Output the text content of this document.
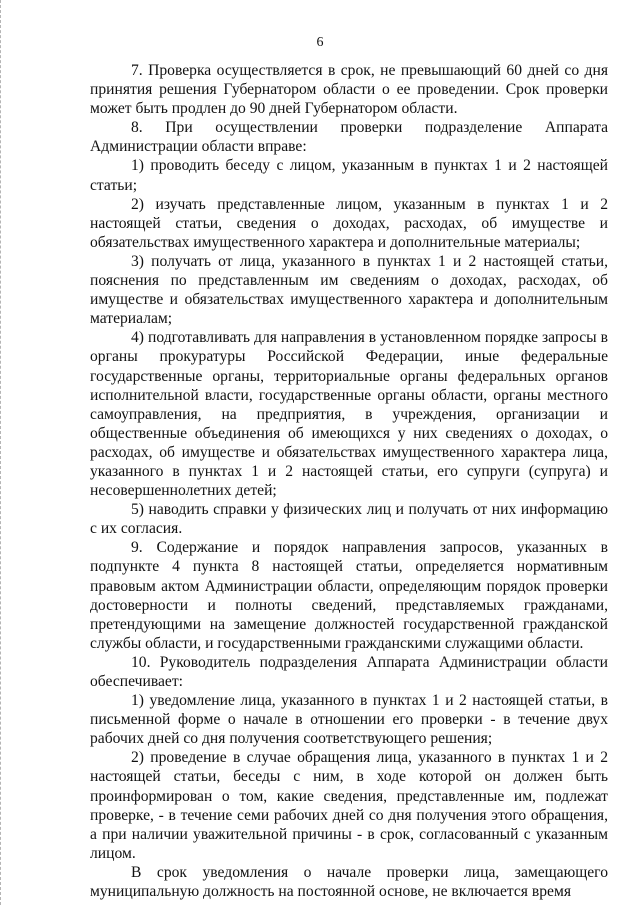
6

7. Проверка осуществляется в срок, не превышающий 60 дней со дня принятия решения Губернатором области о ее проведении. Срок проверки может быть продлен до 90 дней Губернатором области.

8. При осуществлении проверки подразделение Аппарата Администрации области вправе:

1) проводить беседу с лицом, указанным в пунктах 1 и 2 настоящей статьи;

2) изучать представленные лицом, указанным в пунктах 1 и 2 настоящей статьи, сведения о доходах, расходах, об имуществе и обязательствах имущественного характера и дополнительные материалы;

3) получать от лица, указанного в пунктах 1 и 2 настоящей статьи, пояснения по представленным им сведениям о доходах, расходах, об имуществе и обязательствах имущественного характера и дополнительным материалам;

4) подготавливать для направления в установленном порядке запросы в органы прокуратуры Российской Федерации, иные федеральные государственные органы, территориальные органы федеральных органов исполнительной власти, государственные органы области, органы местного самоуправления, на предприятия, в учреждения, организации и общественные объединения об имеющихся у них сведениях о доходах, о расходах, об имуществе и обязательствах имущественного характера лица, указанного в пунктах 1 и 2 настоящей статьи, его супруги (супруга) и несовершеннолетних детей;

5) наводить справки у физических лиц и получать от них информацию с их согласия.

9. Содержание и порядок направления запросов, указанных в подпункте 4 пункта 8 настоящей статьи, определяется нормативным правовым актом Администрации области, определяющим порядок проверки достоверности и полноты сведений, представляемых гражданами, претендующими на замещение должностей государственной гражданской службы области, и государственными гражданскими служащими области.

10. Руководитель подразделения Аппарата Администрации области обеспечивает:

1) уведомление лица, указанного в пунктах 1 и 2 настоящей статьи, в письменной форме о начале в отношении его проверки - в течение двух рабочих дней со дня получения соответствующего решения;

2) проведение в случае обращения лица, указанного в пунктах 1 и 2 настоящей статьи, беседы с ним, в ходе которой он должен быть проинформирован о том, какие сведения, представленные им, подлежат проверке, - в течение семи рабочих дней со дня получения этого обращения, а при наличии уважительной причины - в срок, согласованный с указанным лицом.

В срок уведомления о начале проверки лица, замещающего муниципальную должность на постоянной основе, не включается время
